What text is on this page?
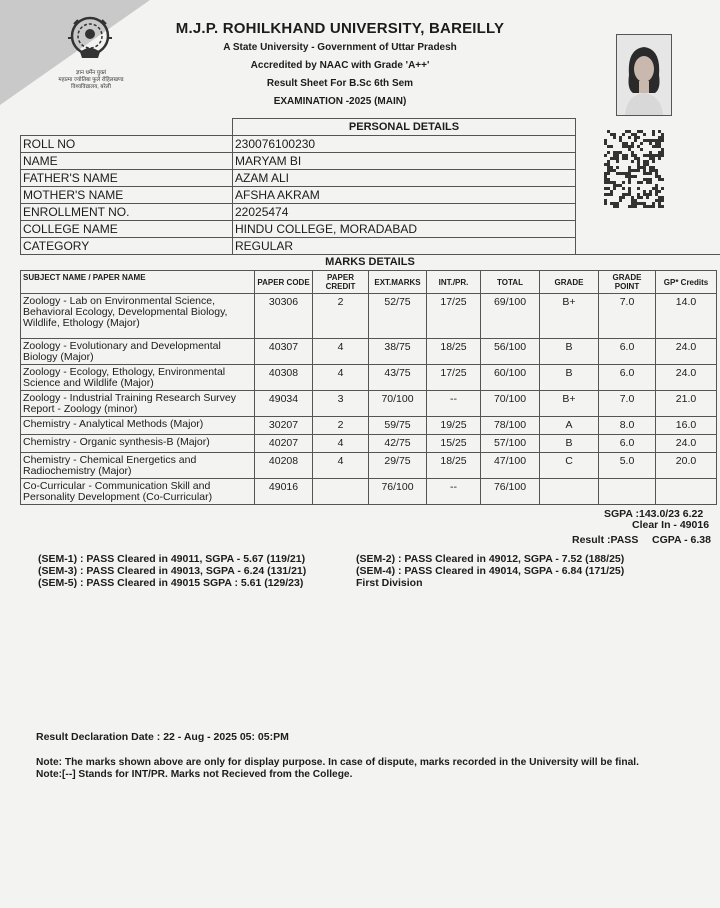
ज्ञान धर्मेन युक्तं
महात्मा ज्योतिबा फुले रोहिलखण्ड विश्वविद्यालय, बरेली
M.J.P. ROHILKHAND UNIVERSITY, BAREILLY
A State University - Government of Uttar Pradesh
Accredited by NAAC with Grade 'A++'
Result Sheet For B.Sc 6th Sem
EXAMINATION -2025 (MAIN)
	PERSONAL DETAILS	
ROLL NO	230076100230	
NAME	MARYAM BI	
FATHER'S NAME	AZAM ALI	
MOTHER'S NAME	AFSHA AKRAM	
ENROLLMENT NO.	22025474	
COLLEGE NAME	HINDU COLLEGE, MORADABAD	
CATEGORY	REGULAR	
MARKS DETAILS
SUBJECT NAME / PAPER NAME	PAPER CODE	PAPER CREDIT	EXT.MARKS	INT./PR.	TOTAL	GRADE	GRADE POINT	GP* Credits
Zoology - Lab on Environmental Science, Behavioral Ecology, Developmental Biology, Wildlife, Ethology (Major)	30306	2	52/75	17/25	69/100	B+	7.0	14.0
Zoology - Evolutionary and Developmental Biology (Major)	40307	4	38/75	18/25	56/100	B	6.0	24.0
Zoology - Ecology, Ethology, Environmental Science and Wildlife (Major)	40308	4	43/75	17/25	60/100	B	6.0	24.0
Zoology - Industrial Training Research Survey Report - Zoology (minor)	49034	3	70/100	--	70/100	B+	7.0	21.0
Chemistry - Analytical Methods (Major)	30207	2	59/75	19/25	78/100	A	8.0	16.0
Chemistry - Organic synthesis-B (Major)	40207	4	42/75	15/25	57/100	B	6.0	24.0
Chemistry - Chemical Energetics and Radiochemistry (Major)	40208	4	29/75	18/25	47/100	C	5.0	20.0
Co-Curricular - Communication Skill and Personality Development (Co-Curricular)	49016		76/100	--	76/100			
SGPA :143.0/23 6.22
Clear In - 49016
Result :PASS CGPA - 6.38
(SEM-1) : PASS Cleared in 49011, SGPA - 5.67 (119/21)	(SEM-2) : PASS Cleared in 49012, SGPA - 7.52 (188/25)
(SEM-3) : PASS Cleared in 49013, SGPA - 6.24 (131/21)	(SEM-4) : PASS Cleared in 49014, SGPA - 6.84 (171/25)
(SEM-5) : PASS Cleared in 49015 SGPA : 5.61 (129/23)	First Division
Result Declaration Date : 22 - Aug - 2025 05: 05:PM
Note: The marks shown above are only for display purpose. In case of dispute, marks recorded in the University will be final.
Note:[--] Stands for INT/PR. Marks not Recieved from the College.
